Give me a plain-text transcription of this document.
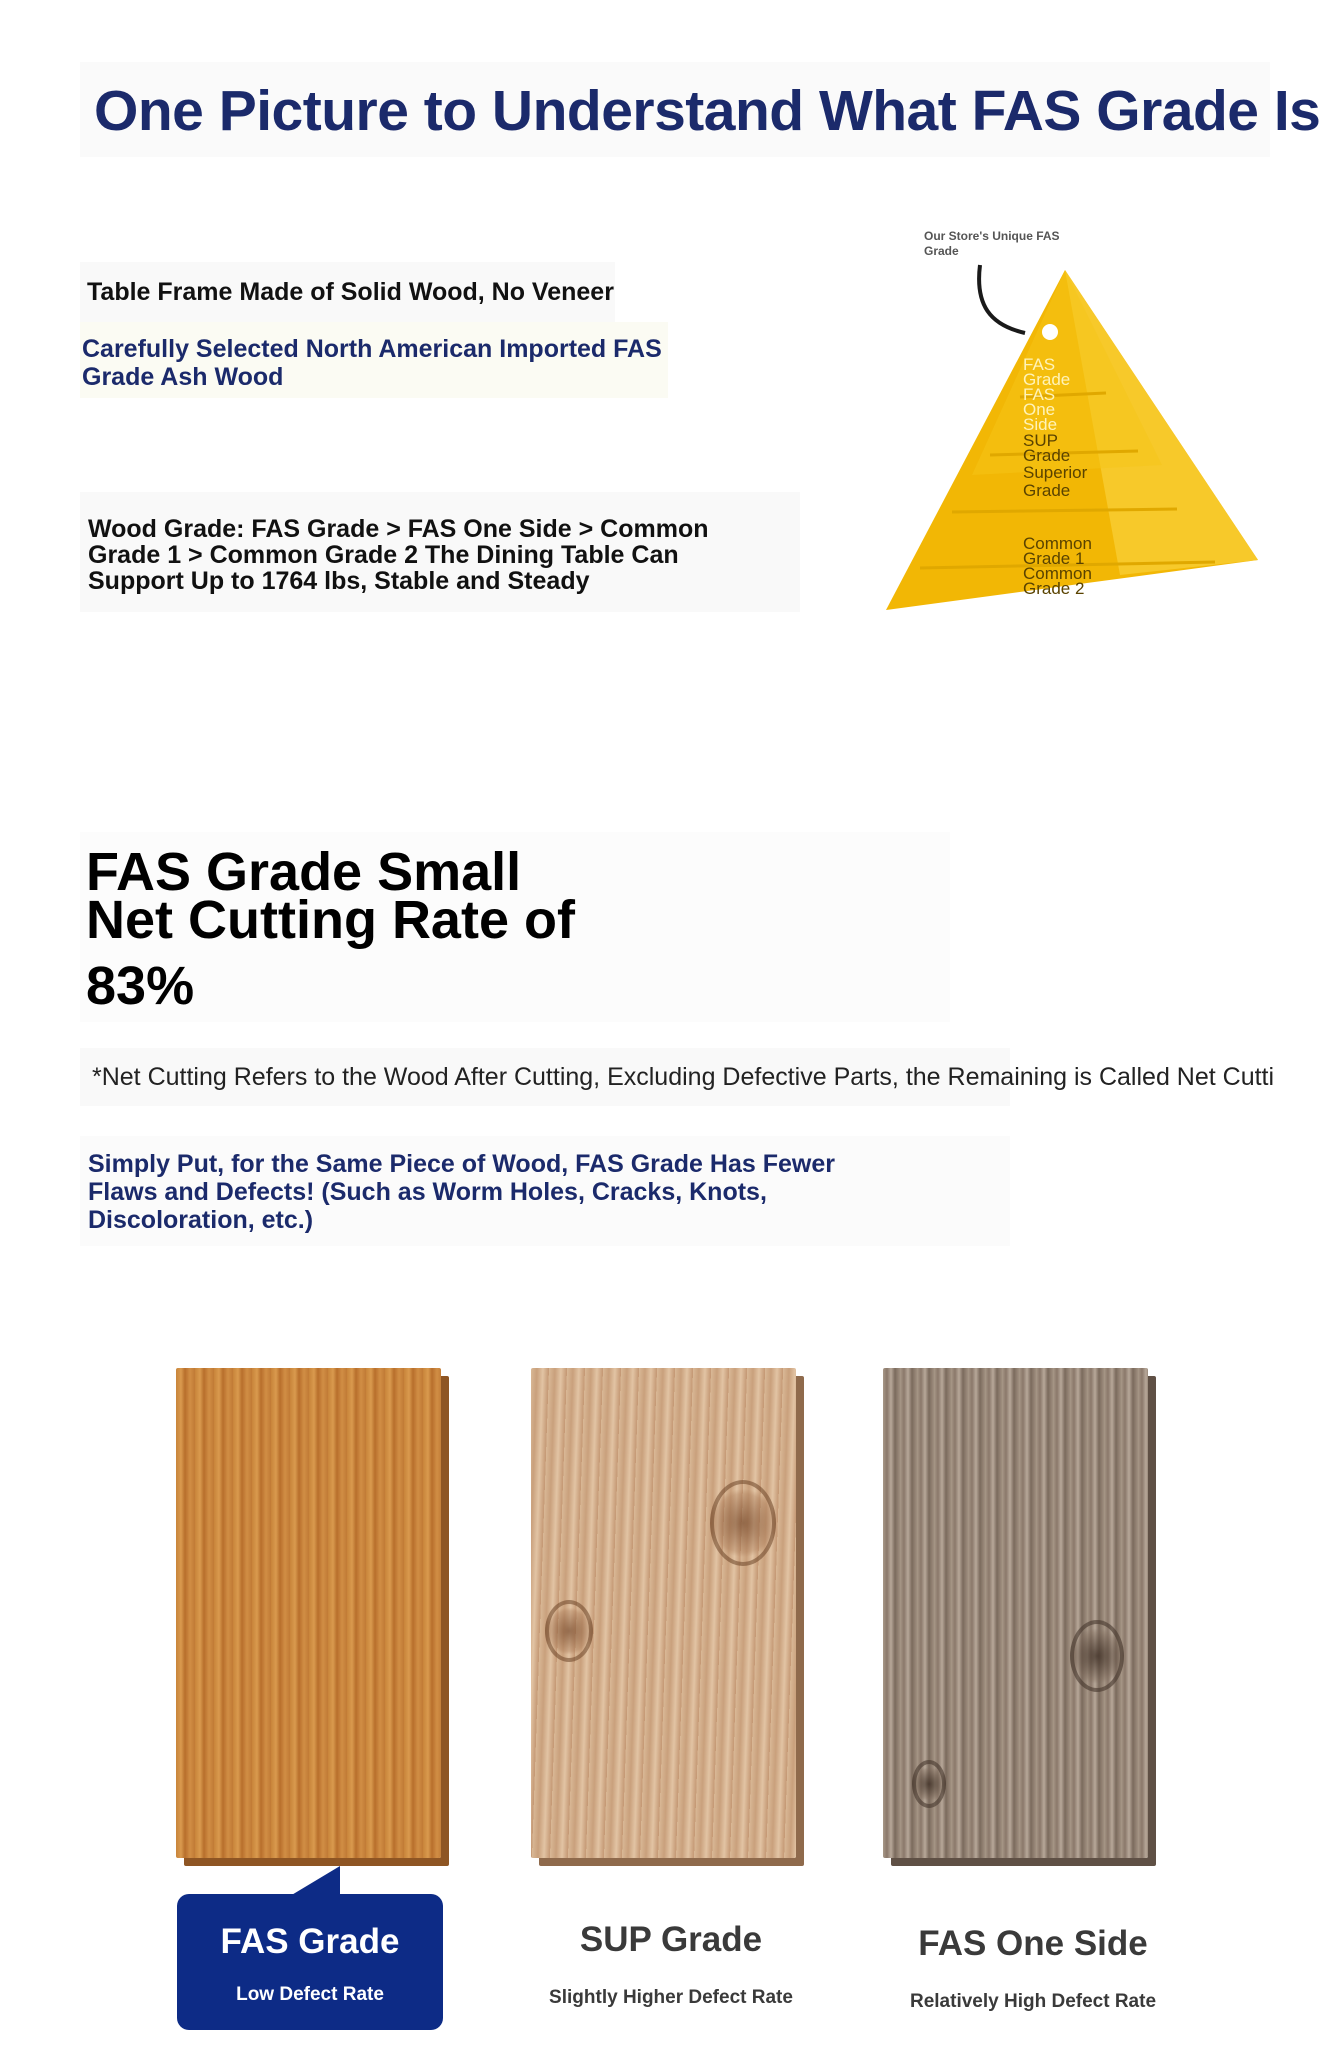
One Picture to Understand What FAS Grade Is
Table Frame Made of Solid Wood, No Veneer
Carefully Selected North American Imported FAS Grade Ash Wood
Wood Grade: FAS Grade > FAS One Side > Common Grade 1 > Common Grade 2 The Dining Table Can Support Up to 1764 lbs, Stable and Steady
Our Store's Unique FAS Grade
FAS Grade
FAS One Side
SUP Grade
Superior Grade
Common Grade 1
Common Grade 2
FAS Grade Small Net Cutting Rate of
83%
*Net Cutting Refers to the Wood After Cutting, Excluding Defective Parts, the Remaining is Called Net Cutti
Simply Put, for the Same Piece of Wood, FAS Grade Has Fewer Flaws and Defects! (Such as Worm Holes, Cracks, Knots, Discoloration, etc.)
FAS Grade
Low Defect Rate
SUP Grade
Slightly Higher Defect Rate
FAS One Side
Relatively High Defect Rate
